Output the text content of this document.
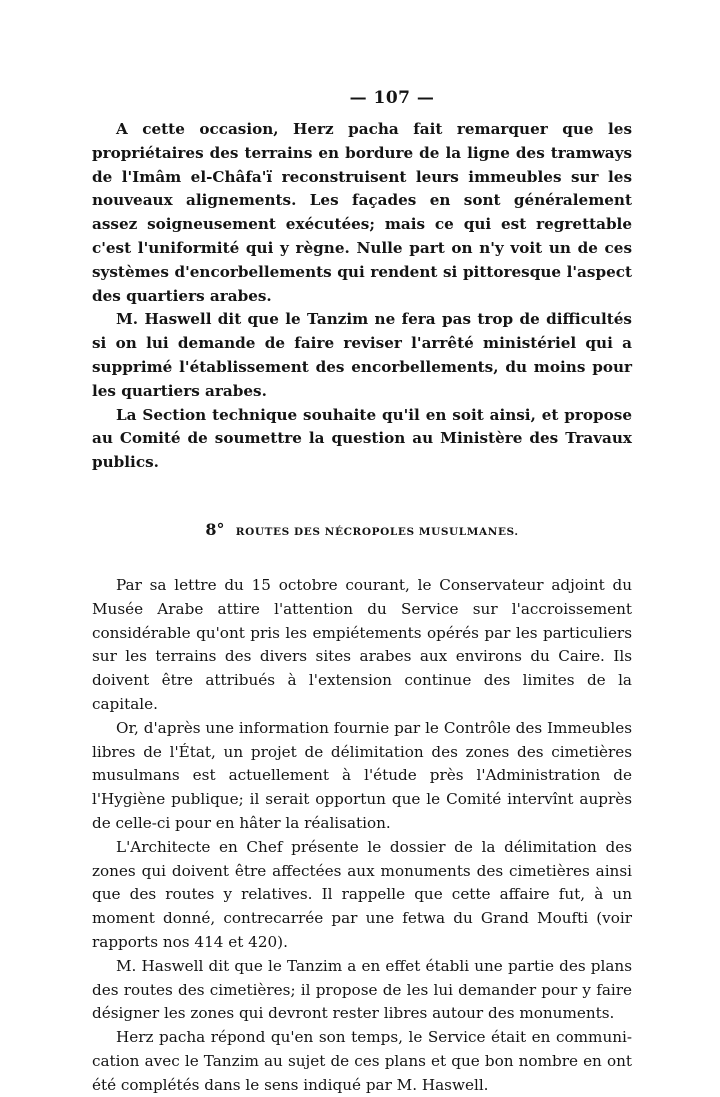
— 107 —

A cette occasion, Herz pacha fait remarquer que les propriétaires des terrains en bordure de la ligne des tramways de l'Imâm el-Châfa'ï reconstruisent leurs immeubles sur les nouveaux alignements. Les façades en sont généralement assez soigneusement exécutées; mais ce qui est regrettable c'est l'uniformité qui y règne. Nulle part on n'y voit un de ces systèmes d'encorbellements qui rendent si pittoresque l'aspect des quartiers arabes.

M. Haswell dit que le Tanzim ne fera pas trop de difficultés si on lui demande de faire reviser l'arrêté ministériel qui a supprimé l'établissement des encorbellements, du moins pour les quartiers arabes.

La Section technique souhaite qu'il en soit ainsi, et propose au Comité de soumettre la question au Ministère des Travaux publics.

8° ROUTES DES NÉCROPOLES MUSULMANES.

Par sa lettre du 15 octobre courant, le Conservateur adjoint du Musée Arabe attire l'attention du Service sur l'accroissement considérable qu'ont pris les empiétements opérés par les particuliers sur les terrains des divers sites arabes aux environs du Caire. Ils doivent être attribués à l'extension continue des limites de la capitale.

Or, d'après une information fournie par le Contrôle des Immeubles libres de l'État, un projet de délimitation des zones des cimetières musulmans est actuellement à l'étude près l'Administration de l'Hygiène publique; il serait opportun que le Comité intervînt auprès de celle-ci pour en hâter la réalisation.

L'Architecte en Chef présente le dossier de la délimitation des zones qui doivent être affectées aux monuments des cimetières ainsi que des routes y relatives. Il rappelle que cette affaire fut, à un moment donné, contrecarrée par une fetwa du Grand Moufti (voir rapports nos 414 et 420).

M. Haswell dit que le Tanzim a en effet établi une partie des plans des routes des cimetières; il propose de les lui demander pour y faire désigner les zones qui devront rester libres autour des monuments.

Herz pacha répond qu'en son temps, le Service était en communication avec le Tanzim au sujet de ces plans et que bon nombre en ont été complétés dans le sens indiqué par M. Haswell.
